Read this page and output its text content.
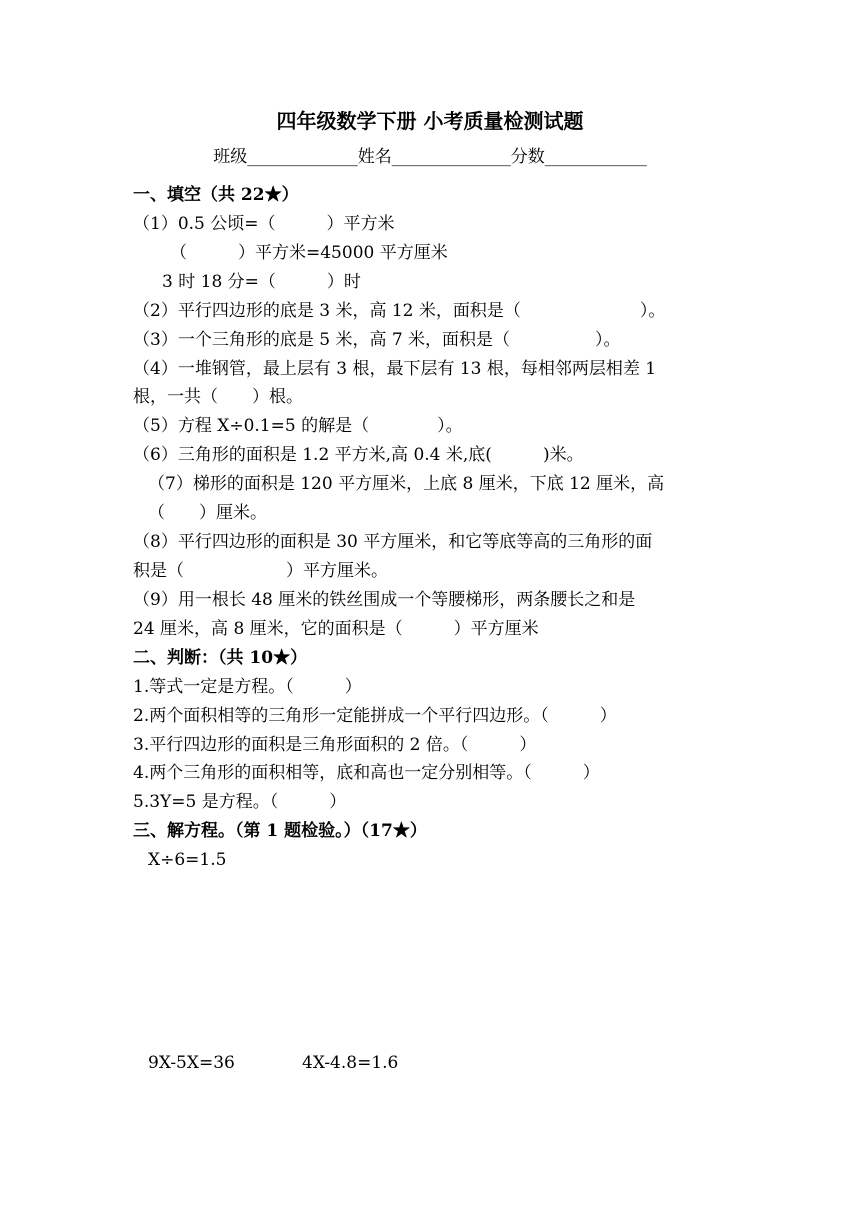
四年级数学下册 小考质量检测试题
班级_____________姓名______________分数____________
一、填空（共 22★）
（1）0.5 公顷=（　　　）平方米
（　　　）平方米=45000 平方厘米
3 时 18 分=（　　　）时
（2）平行四边形的底是 3 米，高 12 米，面积是（　　　　　　　）。
（3）一个三角形的底是 5 米，高 7 米，面积是（　　　　　）。
（4）一堆钢管，最上层有 3 根，最下层有 13 根，每相邻两层相差 1
根，一共（　　）根。
（5）方程 X÷0.1=5 的解是（　　　　）。
（6）三角形的面积是 1.2 平方米,高 0.4 米,底(　　　)米。
（7）梯形的面积是 120 平方厘米，上底 8 厘米，下底 12 厘米，高
（　　）厘米。
（8）平行四边形的面积是 30 平方厘米，和它等底等高的三角形的面
积是（　　　　　　）平方厘米。
（9）用一根长 48 厘米的铁丝围成一个等腰梯形，两条腰长之和是
24 厘米，高 8 厘米，它的面积是（　　　）平方厘米
二、判断：（共 10★）
1.等式一定是方程。（　　　）
2.两个面积相等的三角形一定能拼成一个平行四边形。（　　　）
3.平行四边形的面积是三角形面积的 2 倍。（　　　）
4.两个三角形的面积相等，底和高也一定分别相等。（　　　）
5.3Y=5 是方程。（　　　）
三、解方程。（第 1 题检验。）（17★）
X÷6=1.5
9X-5X=36	4X-4.8=1.6
